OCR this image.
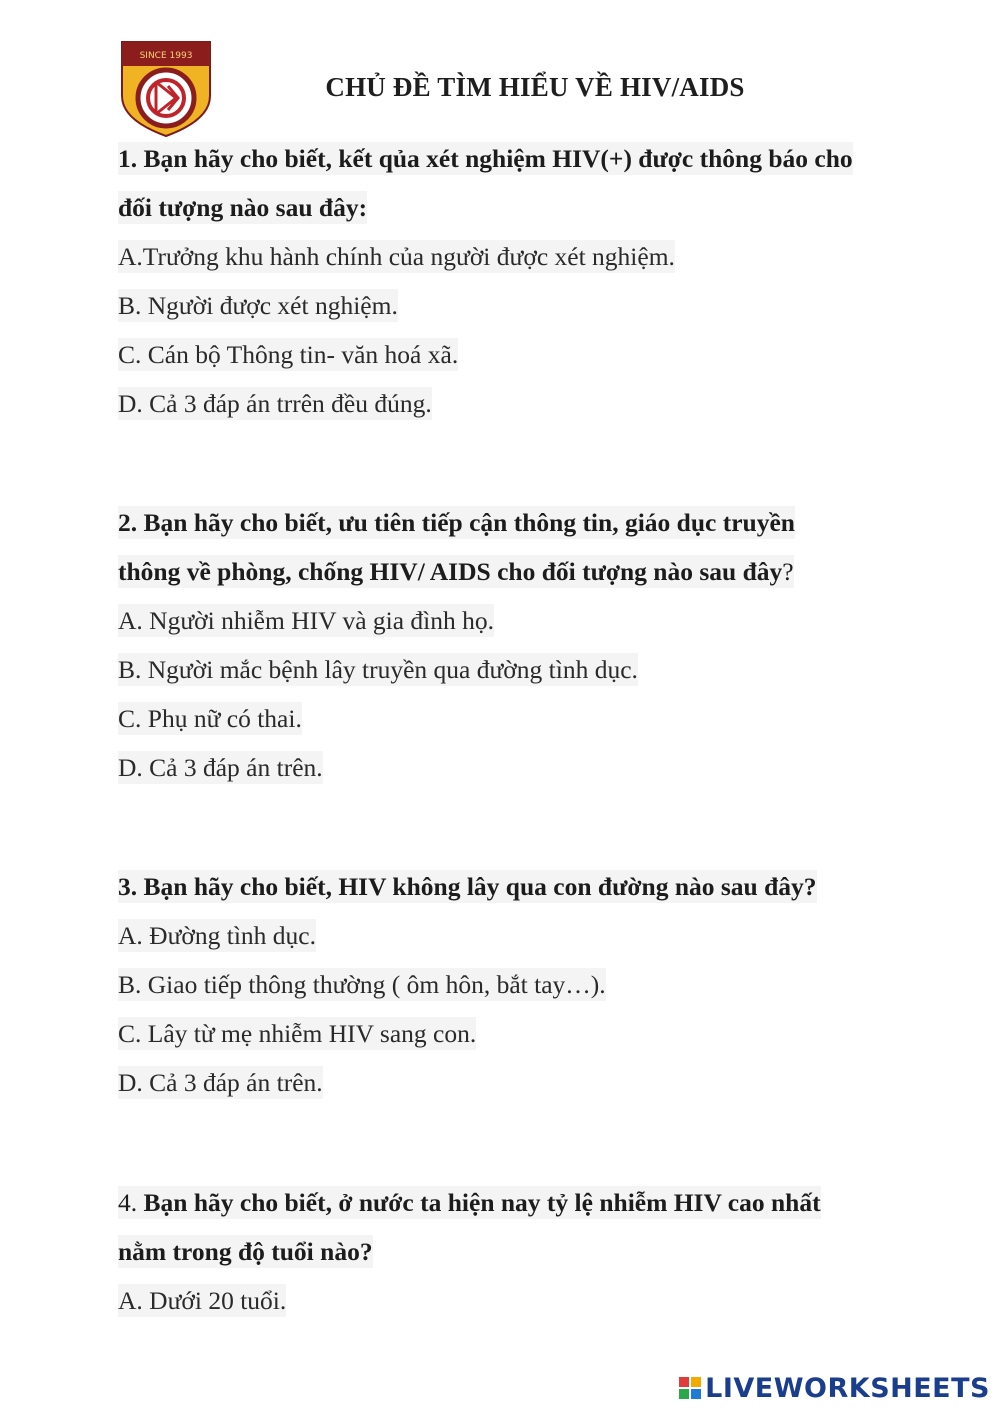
SINCE 1993
CHỦ ĐỀ TÌM HIỂU VỀ HIV/AIDS
1. Bạn hãy cho biết, kết qủa xét nghiệm HIV(+) được thông báo cho
đối tượng nào sau đây:
A.Trưởng khu hành chính của người được xét nghiệm.
B. Người được xét nghiệm.
C. Cán bộ Thông tin- văn hoá xã.
D. Cả 3 đáp án trrên đều đúng.
2. Bạn hãy cho biết, ưu tiên tiếp cận thông tin, giáo dục truyền
thông về phòng, chống HIV/ AIDS cho đối tượng nào sau đây?
A. Người nhiễm HIV và gia đình họ.
B. Người mắc bệnh lây truyền qua đường tình dục.
C. Phụ nữ có thai.
D. Cả 3 đáp án trên.
3. Bạn hãy cho biết, HIV không lây qua con đường nào sau đây?
A. Đường tình dục.
B. Giao tiếp thông thường ( ôm hôn, bắt tay…).
C. Lây từ mẹ nhiễm HIV sang con.
D. Cả 3 đáp án trên.
4. Bạn hãy cho biết, ở nước ta hiện nay tỷ lệ nhiễm HIV cao nhất
nằm trong độ tuổi nào?
A. Dưới 20 tuổi.
LIVEWORKSHEETS
